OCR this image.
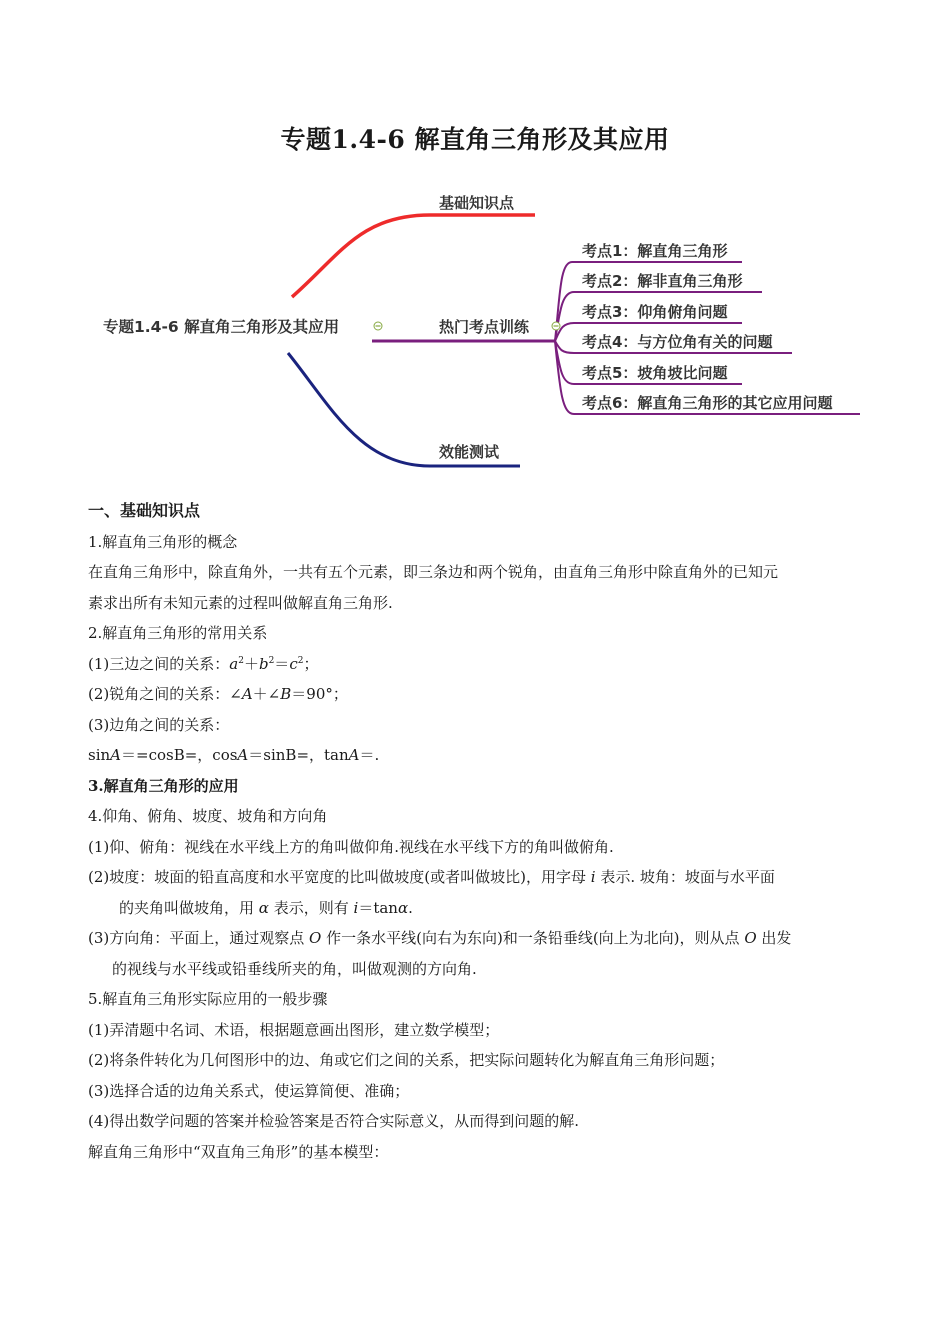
专题1.4-6 解直角三角形及其应用
专题1.4-6 解直角三角形及其应用
基础知识点
热门考点训练
效能测试
考点1：解直角三角形
考点2：解非直角三角形
考点3：仰角俯角问题
考点4：与方位角有关的问题
考点5：坡角坡比问题
考点6：解直角三角形的其它应用问题

一、基础知识点

1.解直角三角形的概念

在直角三角形中，除直角外，一共有五个元素，即三条边和两个锐角，由直角三角形中除直角外的已知元

素求出所有未知元素的过程叫做解直角三角形.

2.解直角三角形的常用关系

(1)三边之间的关系：$a^2+b^2=c^2$；

(2)锐角之间的关系：∠A＋∠B＝90°；

(3)边角之间的关系：

sinA＝=cosB=，cosA＝sinB=，tanA＝.

3.解直角三角形的应用

4.仰角、俯角、坡度、坡角和方向角

(1)仰、俯角：视线在水平线上方的角叫做仰角.视线在水平线下方的角叫做俯角.

(2)坡度：坡面的铅直高度和水平宽度的比叫做坡度(或者叫做坡比)，用字母 i 表示. 坡角：坡面与水平面

的夹角叫做坡角，用 α 表示，则有 i＝tanα.

(3)方向角：平面上，通过观察点 O 作一条水平线(向右为东向)和一条铅垂线(向上为北向)，则从点 O 出发

的视线与水平线或铅垂线所夹的角，叫做观测的方向角.

5.解直角三角形实际应用的一般步骤

(1)弄清题中名词、术语，根据题意画出图形，建立数学模型；

(2)将条件转化为几何图形中的边、角或它们之间的关系，把实际问题转化为解直角三角形问题；

(3)选择合适的边角关系式，使运算简便、准确；

(4)得出数学问题的答案并检验答案是否符合实际意义，从而得到问题的解.

解直角三角形中“双直角三角形”的基本模型：
